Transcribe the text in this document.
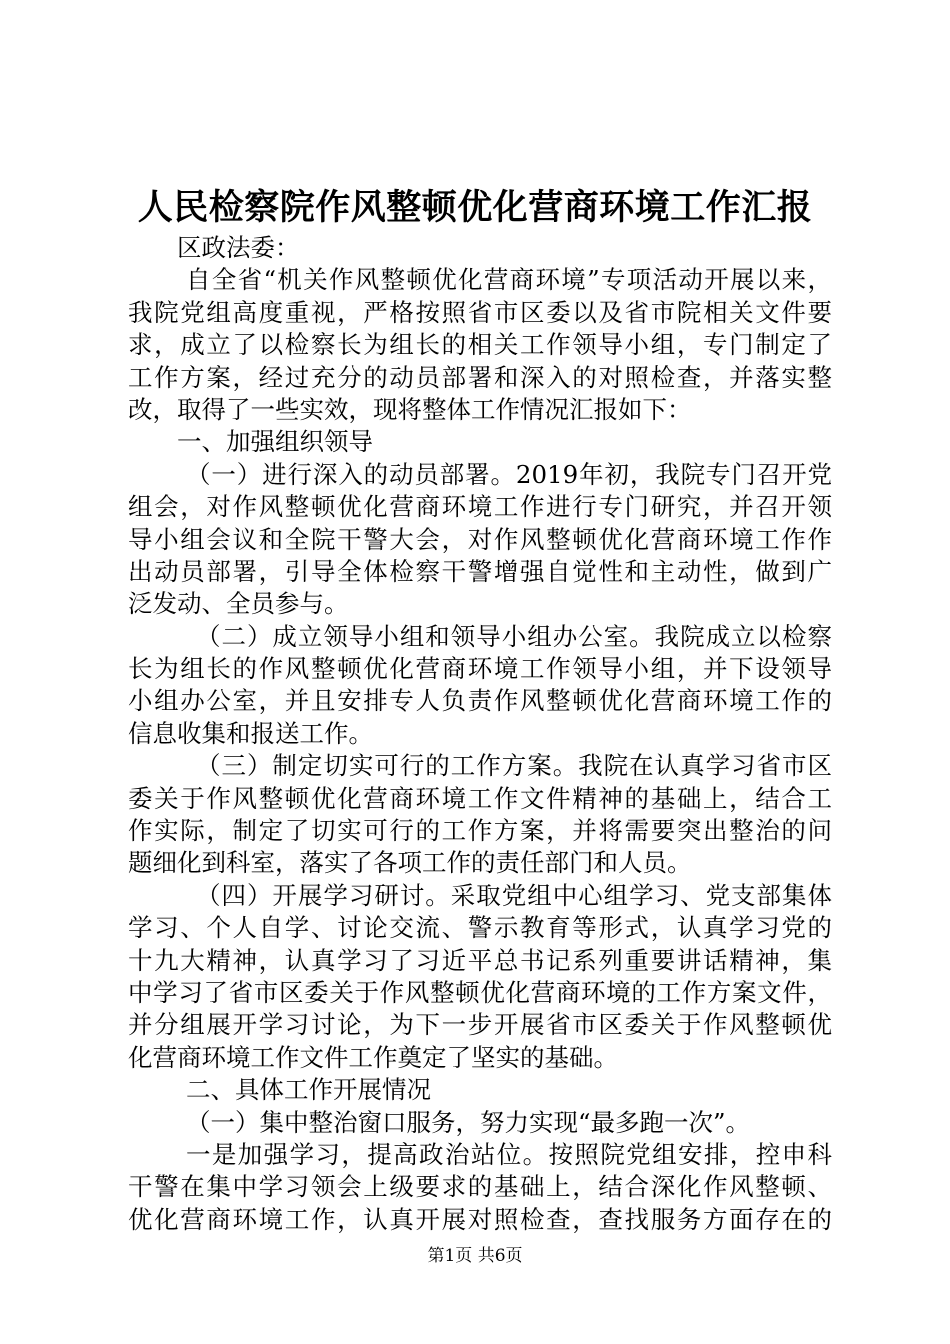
人民检察院作风整顿优化营商环境工作汇报
区政法委：
自全省“机关作风整顿优化营商环境”专项活动开展以来，
我院党组高度重视，严格按照省市区委以及省市院相关文件要
求，成立了以检察长为组长的相关工作领导小组，专门制定了
工作方案，经过充分的动员部署和深入的对照检查，并落实整
改，取得了一些实效，现将整体工作情况汇报如下：
一、加强组织领导
（一）进行深入的动员部署。2019年初，我院专门召开党
组会，对作风整顿优化营商环境工作进行专门研究，并召开领
导小组会议和全院干警大会，对作风整顿优化营商环境工作作
出动员部署，引导全体检察干警增强自觉性和主动性，做到广
泛发动、全员参与。
（二）成立领导小组和领导小组办公室。我院成立以检察
长为组长的作风整顿优化营商环境工作领导小组，并下设领导
小组办公室，并且安排专人负责作风整顿优化营商环境工作的
信息收集和报送工作。
（三）制定切实可行的工作方案。我院在认真学习省市区
委关于作风整顿优化营商环境工作文件精神的基础上，结合工
作实际，制定了切实可行的工作方案，并将需要突出整治的问
题细化到科室，落实了各项工作的责任部门和人员。
（四）开展学习研讨。采取党组中心组学习、党支部集体
学习、个人自学、讨论交流、警示教育等形式，认真学习党的
十九大精神，认真学习了习近平总书记系列重要讲话精神，集
中学习了省市区委关于作风整顿优化营商环境的工作方案文件，
并分组展开学习讨论，为下一步开展省市区委关于作风整顿优
化营商环境工作文件工作奠定了坚实的基础。
二、具体工作开展情况
（一）集中整治窗口服务，努力实现“最多跑一次”。
一是加强学习，提高政治站位。按照院党组安排，控申科
干警在集中学习领会上级要求的基础上，结合深化作风整顿、
优化营商环境工作，认真开展对照检查，查找服务方面存在的
第1页 共6页
